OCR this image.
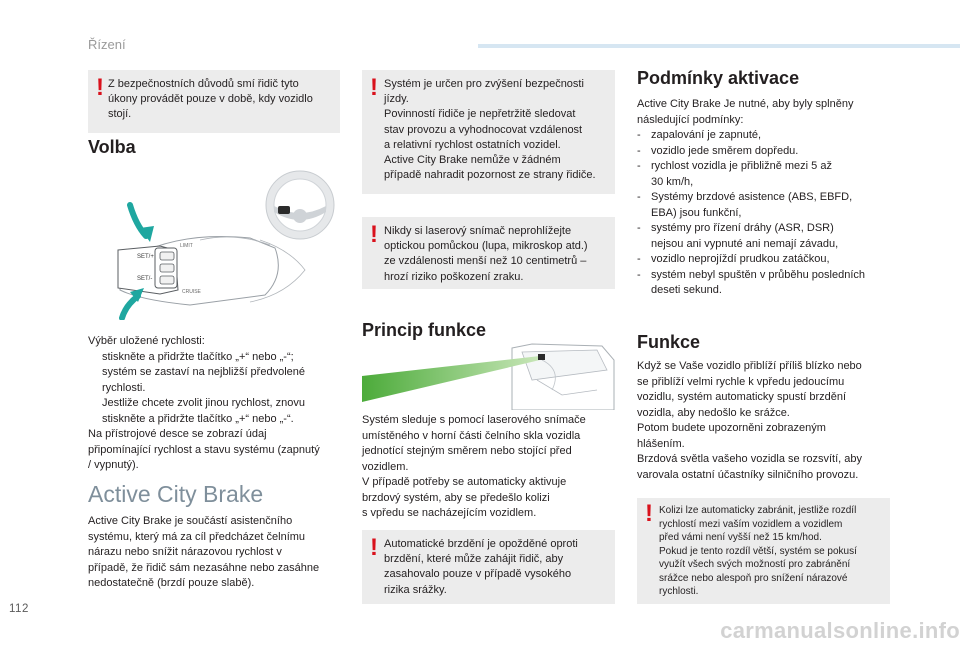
Řízení
! Z bezpečnostních důvodů smí řidič tyto
úkony provádět pouze v době, kdy vozidlo
stojí.
Volba
SET/+
SET/-
LIMIT
CRUISE
Výběr uložené rychlosti:
stiskněte a přidržte tlačítko „+“ nebo „-“;
systém se zastaví na nejbližší předvolené
rychlosti.
Jestliže chcete zvolit jinou rychlost, znovu
stiskněte a přidržte tlačítko „+“ nebo „-“.
Na přístrojové desce se zobrazí údaj
připomínající rychlost a stavu systému (zapnutý
/ vypnutý).
Active City Brake
Active City Brake je součástí asistenčního
systému, který má za cíl předcházet čelnímu
nárazu nebo snížit nárazovou rychlost v
případě, že řidič sám nezasáhne nebo zasáhne
nedostatečně (brzdí pouze slabě).
! Systém je určen pro zvýšení bezpečnosti
jízdy.
Povinností řidiče je nepřetržitě sledovat
stav provozu a vyhodnocovat vzdálenost
a relativní rychlost ostatních vozidel.
Active City Brake nemůže v žádném
případě nahradit pozornost ze strany řidiče.
! Nikdy si laserový snímač neprohlížejte
optickou pomůckou (lupa, mikroskop atd.)
ze vzdálenosti menší než 10 centimetrů –
hrozí riziko poškození zraku.
Princip funkce
Systém sleduje s pomocí laserového snímače
umístěného v horní části čelního skla vozidla
jednotící stejným směrem nebo stojící před
vozidlem.
V případě potřeby se automaticky aktivuje
brzdový systém, aby se předešlo kolizi
s vpředu se nacházejícím vozidlem.
! Automatické brzdění je opožděné oproti
brzdění, které může zahájit řidič, aby
zasahovalo pouze v případě vysokého
rizika srážky.
Podmínky aktivace
Active City Brake Je nutné, aby byly splněny
následující podmínky:
- zapalování je zapnuté,
- vozidlo jede směrem dopředu.
- rychlost vozidla je přibližně mezi 5 až
30 km/h,
- Systémy brzdové asistence (ABS, EBFD,
EBA) jsou funkční,
- systémy pro řízení dráhy (ASR, DSR)
nejsou ani vypnuté ani nemají závadu,
- vozidlo neprojíždí prudkou zatáčkou,
- systém nebyl spuštěn v průběhu posledních
deseti sekund.
Funkce
Když se Vaše vozidlo přiblíží příliš blízko nebo
se přiblíží velmi rychle k vpředu jedoucímu
vozidlu, systém automaticky spustí brzdění
vozidla, aby nedošlo ke srážce.
Potom budete upozorněni zobrazeným
hlášením.
Brzdová světla vašeho vozidla se rozsvítí, aby
varovala ostatní účastníky silničního provozu.
! Kolizi lze automaticky zabránit, jestliže rozdíl
rychlostí mezi vaším vozidlem a vozidlem
před vámi není vyšší než 15 km/hod.
Pokud je tento rozdíl větší, systém se pokusí
využít všech svých možností pro zabránění
srážce nebo alespoň pro snížení nárazové
rychlosti.
112
carmanualsonline.info
